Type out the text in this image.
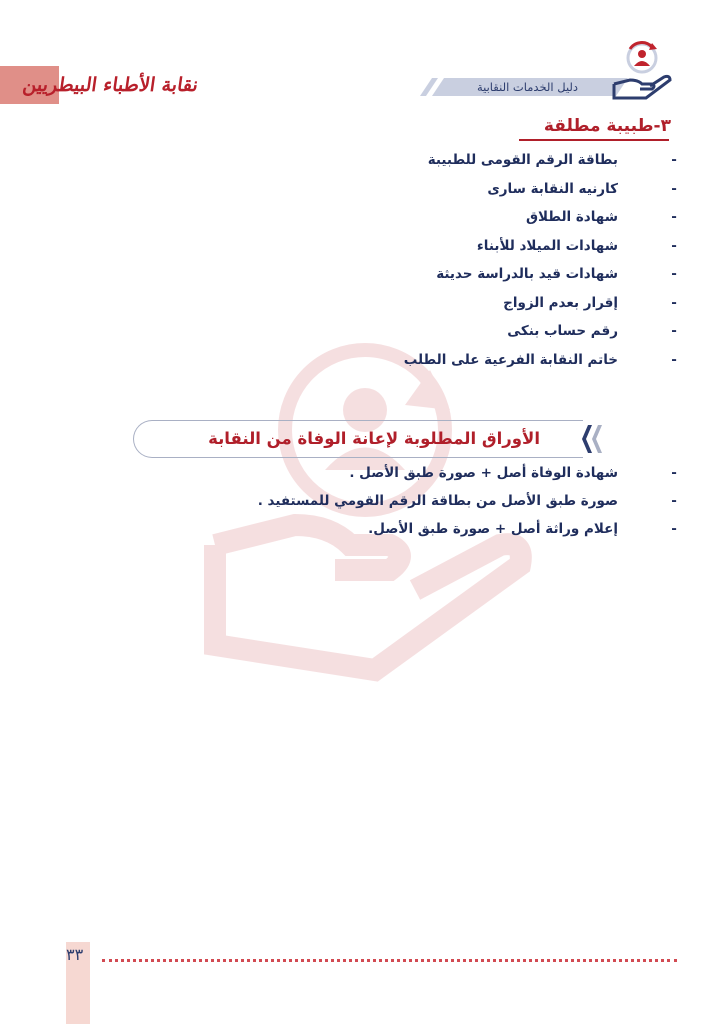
نقابة الأطباء البيطريين	دليل الخدمات النقابية
٣-طبيبة مطلقة
-
بطاقة الرقم القومى للطبيبة
-
كارنيه النقابة سارى
-
شهادة الطلاق
-
شهادات الميلاد للأبناء
-
شهادات قيد بالدراسة حديثة
-
إقرار بعدم الزواج
-
رقم حساب بنكى
-
خاتم النقابة الفرعية على الطلب
الأوراق المطلوبة لإعانة الوفاة من النقابة
-
شهادة الوفاة أصل + صورة طبق الأصل .
-
صورة طبق الأصل من بطاقة الرقم القومي للمستفيد .
-
إعلام وراثة أصل + صورة طبق الأصل.
٣٣
